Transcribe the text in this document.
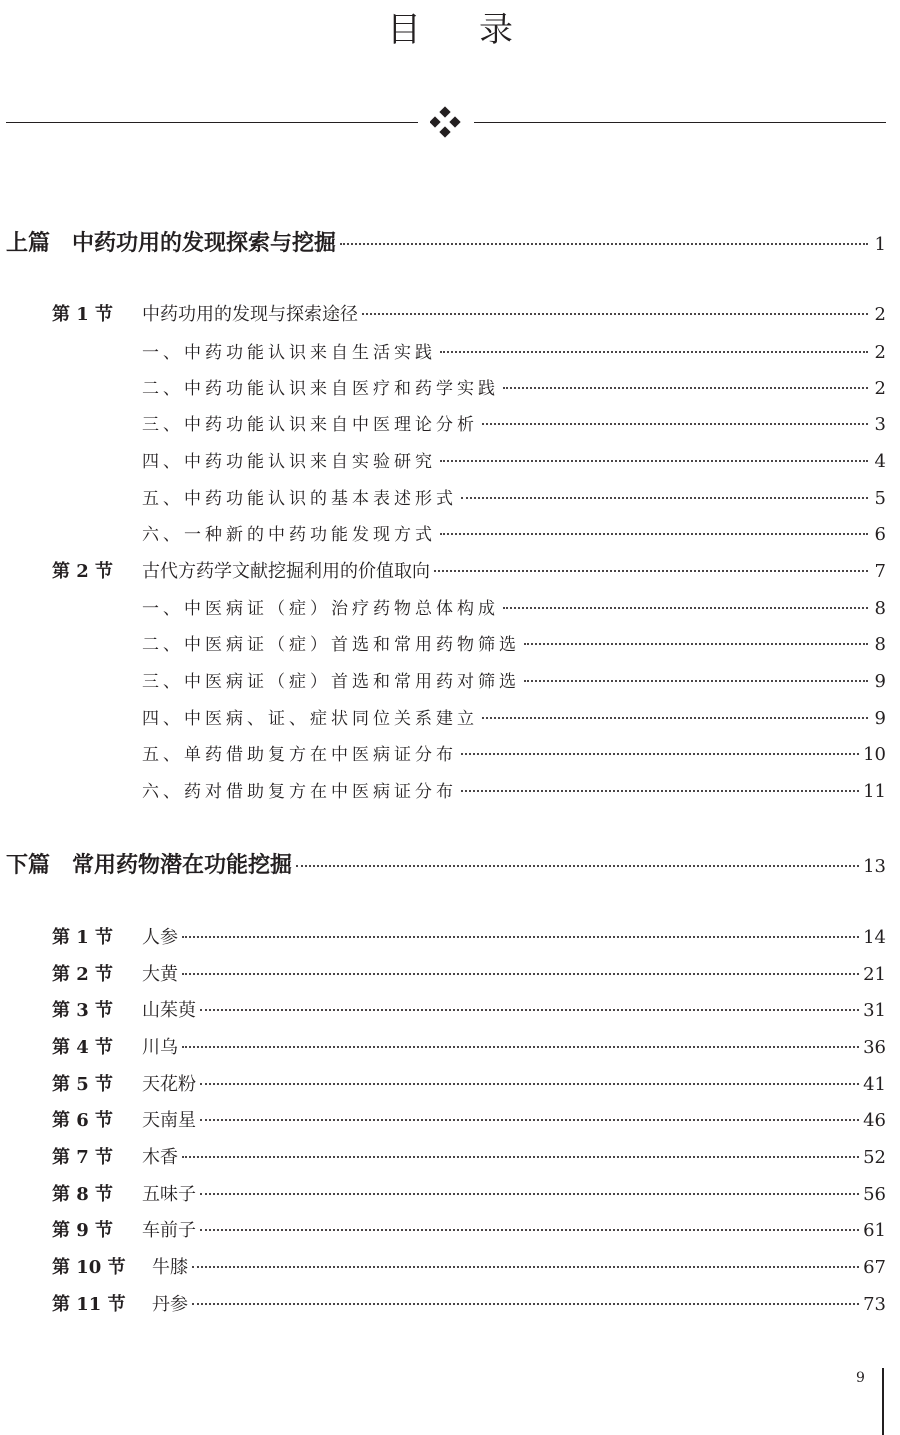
目录
上篇 中药功用的发现探索与挖掘	1
第 1 节	中药功用的发现与探索途径	2
一、中药功能认识来自生活实践	2
二、中药功能认识来自医疗和药学实践	2
三、中药功能认识来自中医理论分析	3
四、中药功能认识来自实验研究	4
五、中药功能认识的基本表述形式	5
六、一种新的中药功能发现方式	6
第 2 节	古代方药学文献挖掘利用的价值取向	7
一、中医病证（症）治疗药物总体构成	8
二、中医病证（症）首选和常用药物筛选	8
三、中医病证（症）首选和常用药对筛选	9
四、中医病、证、症状同位关系建立	9
五、单药借助复方在中医病证分布	10
六、药对借助复方在中医病证分布	11
下篇 常用药物潜在功能挖掘	13
第 1 节	人参	14
第 2 节	大黄	21
第 3 节	山茱萸	31
第 4 节	川乌	36
第 5 节	天花粉	41
第 6 节	天南星	46
第 7 节	木香	52
第 8 节	五味子	56
第 9 节	车前子	61
第 10 节	牛膝	67
第 11 节	丹参	73
9
